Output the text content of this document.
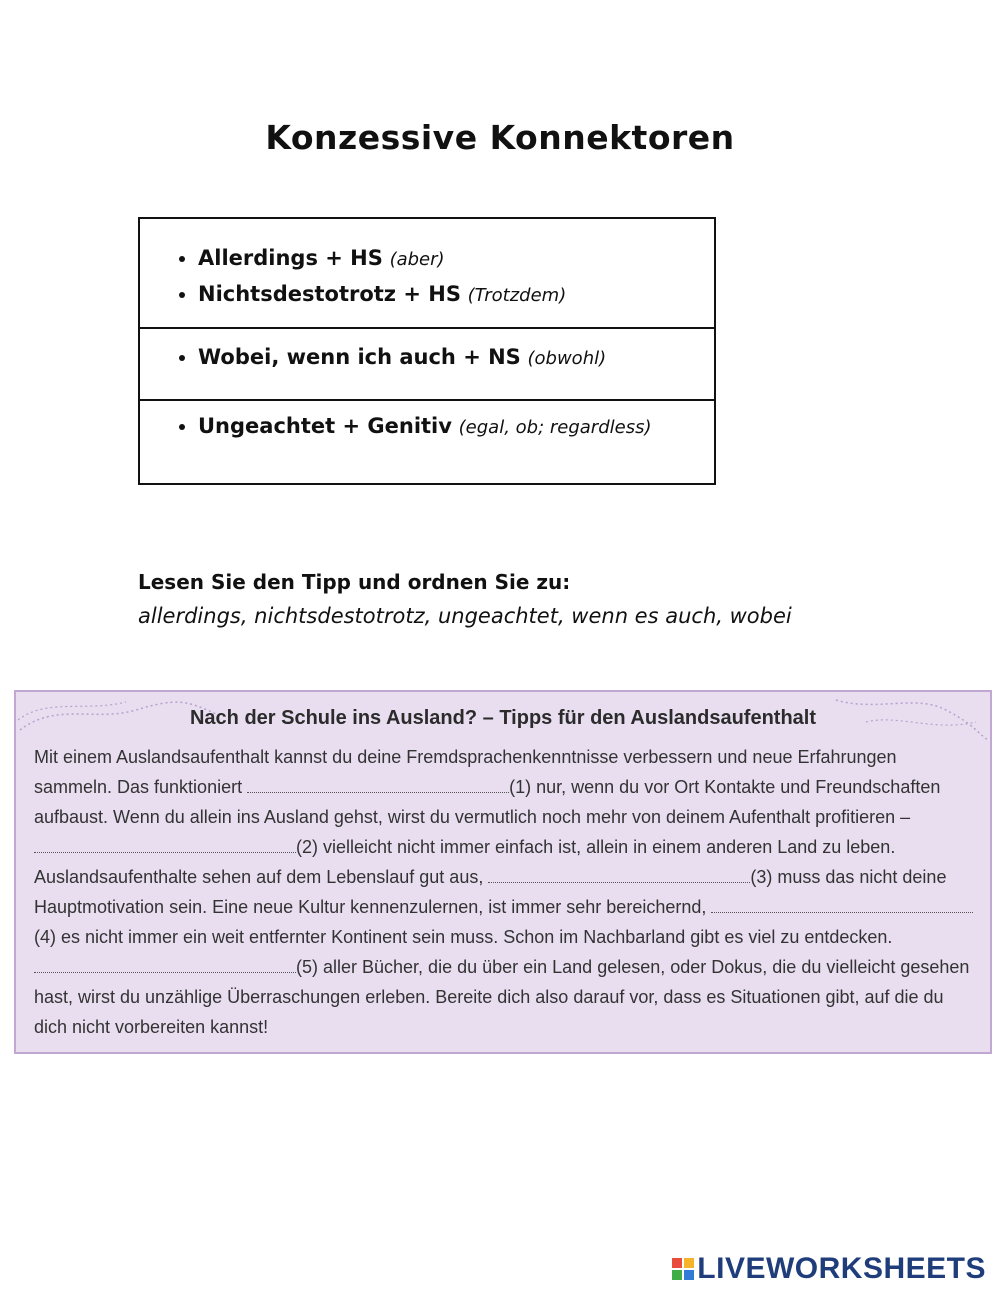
Konzessive Konnektoren
• Allerdings + HS (aber)
• Nichtsdestotrotz + HS (Trotzdem)
• Wobei, wenn ich auch + NS (obwohl)
• Ungeachtet + Genitiv (egal, ob; regardless)
Lesen Sie den Tipp und ordnen Sie zu:
allerdings, nichtsdestotrotz, ungeachtet, wenn es auch, wobei
Nach der Schule ins Ausland? – Tipps für den Auslandsaufenthalt
Mit einem Auslandsaufenthalt kannst du deine Fremdsprachenkenntnisse verbessern und neue Erfahrungen sammeln. Das funktioniert	(1) nur, wenn du vor Ort Kontakte und Freundschaften aufbaust. Wenn du allein ins Ausland gehst, wirst du vermutlich noch mehr von deinem Aufenthalt profitieren – (2) vielleicht nicht immer einfach ist, allein in einem anderen Land zu leben. Auslandsaufenthalte sehen auf dem Lebenslauf gut aus,	(3) muss das nicht deine Hauptmotivation sein. Eine neue Kultur kennenzulernen, ist immer sehr bereichernd, (4) es nicht immer ein weit entfernter Kontinent sein muss. Schon im Nachbarland gibt es viel zu entdecken. (5) aller Bücher, die du über ein Land gelesen, oder Dokus, die du vielleicht gesehen hast, wirst du unzählige Überraschungen erleben. Bereite dich also darauf vor, dass es Situationen gibt, auf die du dich nicht vorbereiten kannst!
LIVEWORKSHEETS
